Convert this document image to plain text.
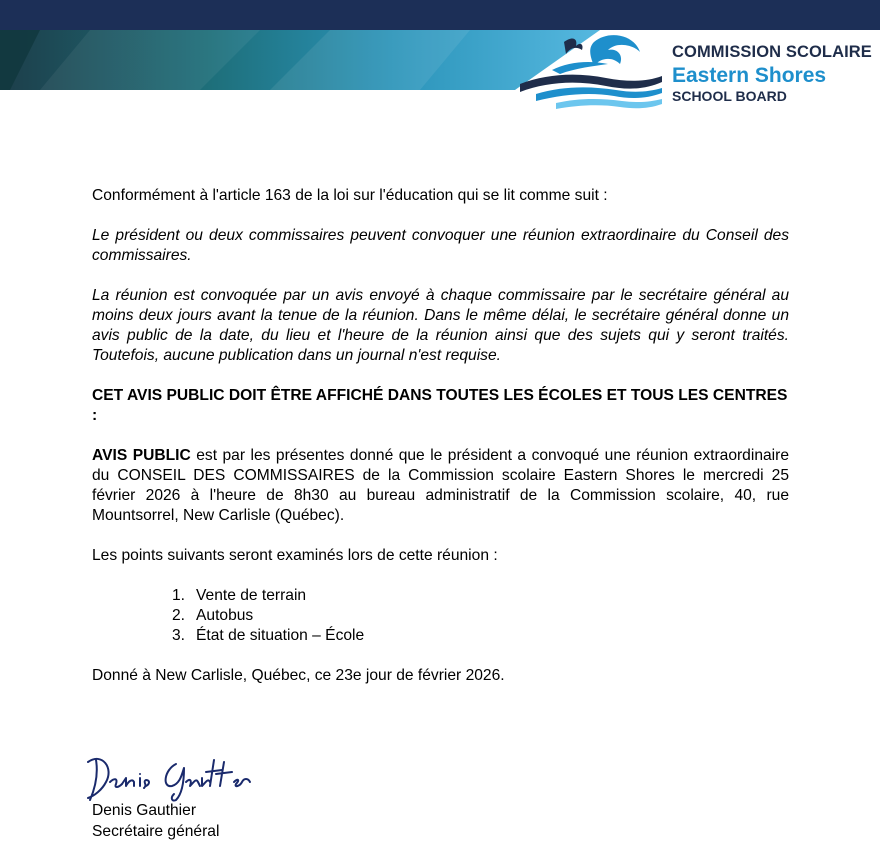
COMMISSION SCOLAIRE
Eastern Shores
SCHOOL BOARD

Conformément à l'article 163 de la loi sur l'éducation qui se lit comme suit :

Le président ou deux commissaires peuvent convoquer une réunion extraordinaire du Conseil des commissaires.

La réunion est convoquée par un avis envoyé à chaque commissaire par le secrétaire général au moins deux jours avant la tenue de la réunion. Dans le même délai, le secrétaire général donne un avis public de la date, du lieu et l'heure de la réunion ainsi que des sujets qui y seront traités. Toutefois, aucune publication dans un journal n'est requise.

CET AVIS PUBLIC DOIT ÊTRE AFFICHÉ DANS TOUTES LES ÉCOLES ET TOUS LES CENTRES :

AVIS PUBLIC est par les présentes donné que le président a convoqué une réunion extraordinaire du CONSEIL DES COMMISSAIRES de la Commission scolaire Eastern Shores le mercredi 25 février 2026 à l'heure de 8h30 au bureau administratif de la Commission scolaire, 40, rue Mountsorrel, New Carlisle (Québec).

Les points suivants seront examinés lors de cette réunion :

1. Vente de terrain
2. Autobus
3. État de situation – École

Donné à New Carlisle, Québec, ce 23e jour de février 2026.

Denis Gauthier
Secrétaire général
